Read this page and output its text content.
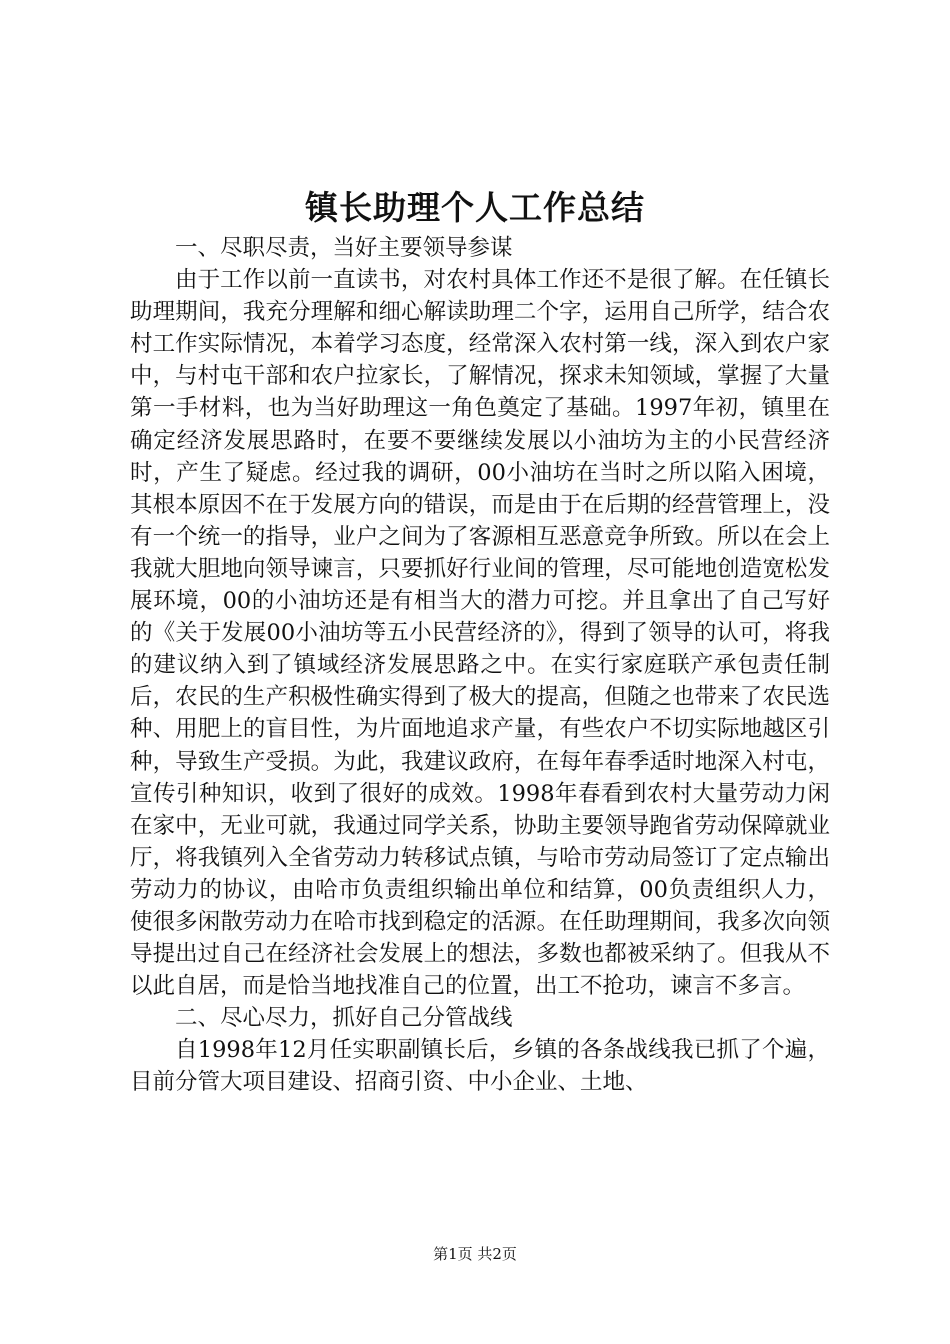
镇长助理个人工作总结

一、尽职尽责，当好主要领导参谋

由于工作以前一直读书，对农村具体工作还不是很了解。在任镇长助理期间，我充分理解和细心解读助理二个字，运用自己所学，结合农村工作实际情况，本着学习态度，经常深入农村第一线，深入到农户家中，与村屯干部和农户拉家长，了解情况，探求未知领域，掌握了大量第一手材料，也为当好助理这一角色奠定了基础。1997年初，镇里在确定经济发展思路时，在要不要继续发展以小油坊为主的小民营经济时，产生了疑虑。经过我的调研，00小油坊在当时之所以陷入困境，其根本原因不在于发展方向的错误，而是由于在后期的经营管理上，没有一个统一的指导，业户之间为了客源相互恶意竞争所致。所以在会上我就大胆地向领导谏言，只要抓好行业间的管理，尽可能地创造宽松发展环境，00的小油坊还是有相当大的潜力可挖。并且拿出了自己写好的《关于发展00小油坊等五小民营经济的》，得到了领导的认可，将我的建议纳入到了镇域经济发展思路之中。在实行家庭联产承包责任制后，农民的生产积极性确实得到了极大的提高，但随之也带来了农民选种、用肥上的盲目性，为片面地追求产量，有些农户不切实际地越区引种，导致生产受损。为此，我建议政府，在每年春季适时地深入村屯，宣传引种知识，收到了很好的成效。1998年春看到农村大量劳动力闲在家中，无业可就，我通过同学关系，协助主要领导跑省劳动保障就业厅，将我镇列入全省劳动力转移试点镇，与哈市劳动局签订了定点输出劳动力的协议，由哈市负责组织输出单位和结算，00负责组织人力，使很多闲散劳动力在哈市找到稳定的活源。在任助理期间，我多次向领导提出过自己在经济社会发展上的想法，多数也都被采纳了。但我从不以此自居，而是恰当地找准自己的位置，出工不抢功，谏言不多言。

二、尽心尽力，抓好自己分管战线

自1998年12月任实职副镇长后，乡镇的各条战线我已抓了个遍，目前分管大项目建设、招商引资、中小企业、土地、

第1页 共2页
